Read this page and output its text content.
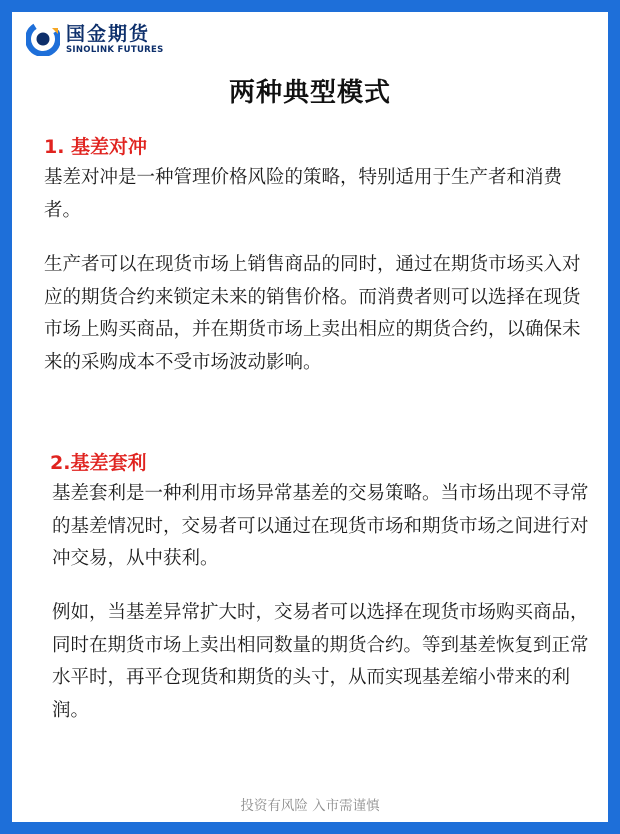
国金期货
SINOLINK FUTURES
两种典型模式
1. 基差对冲

基差对冲是一种管理价格风险的策略，特别适用于生产者和消费者。

生产者可以在现货市场上销售商品的同时，通过在期货市场买入对应的期货合约来锁定未来的销售价格。而消费者则可以选择在现货市场上购买商品，并在期货市场上卖出相应的期货合约，以确保未来的采购成本不受市场波动影响。

2.基差套利

基差套利是一种利用市场异常基差的交易策略。当市场出现不寻常的基差情况时，交易者可以通过在现货市场和期货市场之间进行对冲交易，从中获利。

例如，当基差异常扩大时，交易者可以选择在现货市场购买商品，同时在期货市场上卖出相同数量的期货合约。等到基差恢复到正常水平时，再平仓现货和期货的头寸，从而实现基差缩小带来的利润。

投资有风险 入市需谨慎
